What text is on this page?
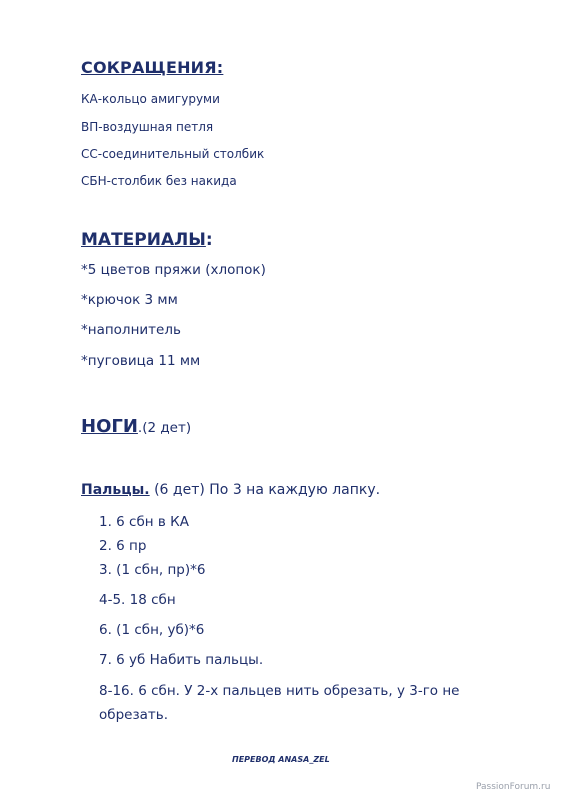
СОКРАЩЕНИЯ:
КА-кольцо амигуруми
ВП-воздушная петля
СС-соединительный столбик
СБН-столбик без накида
МАТЕРИАЛЫ:
*5 цветов пряжи (хлопок)
*крючок 3 мм
*наполнитель
*пуговица 11 мм
НОГИ.(2 дет)
Пальцы. (6 дет) По 3 на каждую лапку.
1. 6 сбн в КА
2. 6 пр
3. (1 сбн, пр)*6
4-5. 18 сбн
6. (1 сбн, уб)*6
7. 6 уб Набить пальцы.
8-16. 6 сбн. У 2-х пальцев нить обрезать, у 3-го не
обрезать.
ПЕРЕВОД ANASA_ZEL
PassionForum.ru
